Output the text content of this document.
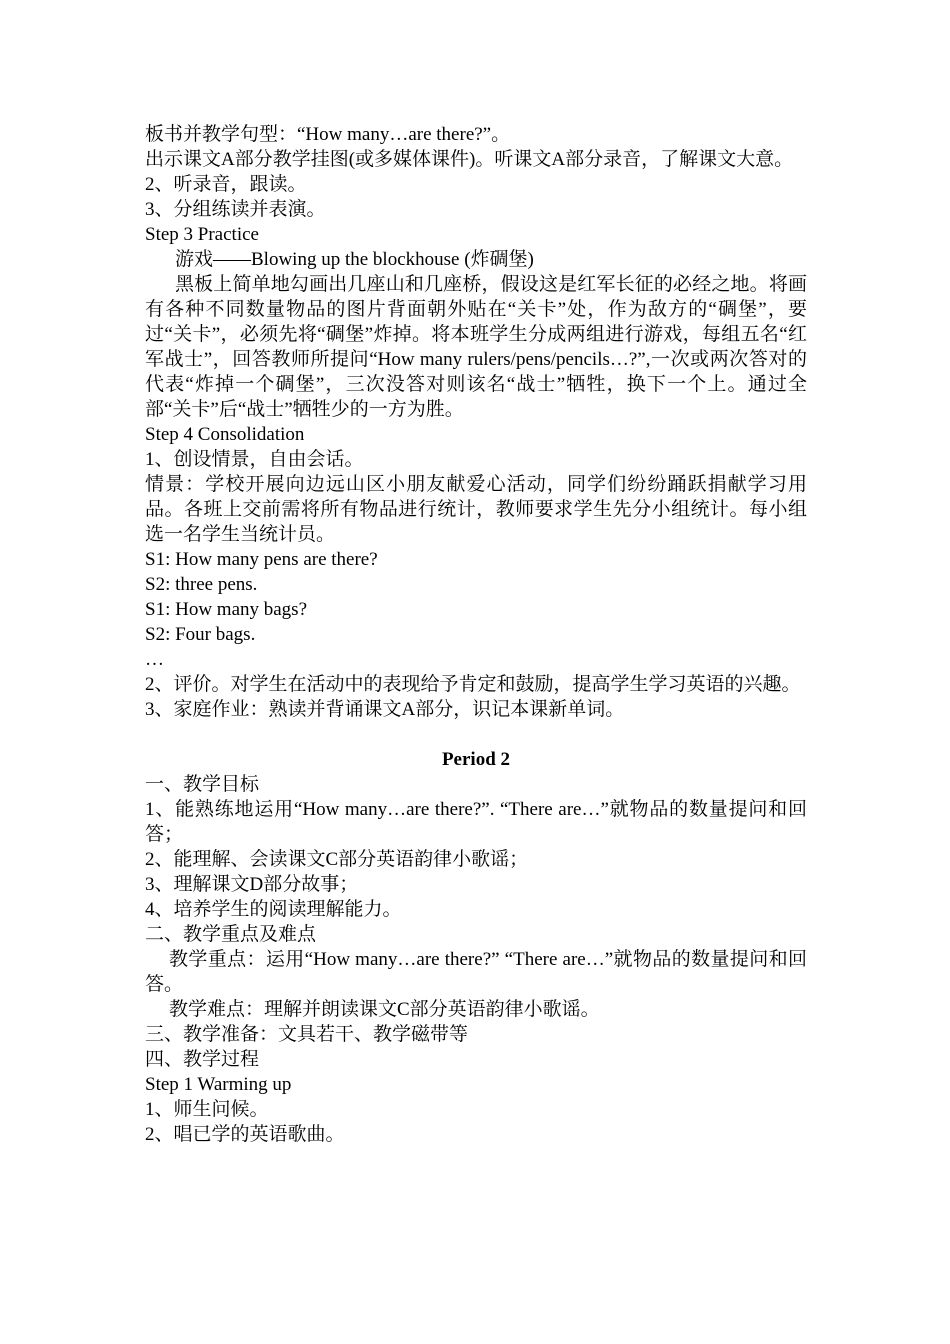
板书并教学句型：“How many…are there?”。

出示课文A部分教学挂图(或多媒体课件)。听课文A部分录音，了解课文大意。

2、听录音，跟读。

3、分组练读并表演。

Step 3 Practice

游戏——Blowing up the blockhouse (炸碉堡)

黑板上简单地勾画出几座山和几座桥，假设这是红军长征的必经之地。将画有各种不同数量物品的图片背面朝外贴在“关卡”处，作为敌方的“碉堡”，要过“关卡”，必须先将“碉堡”炸掉。将本班学生分成两组进行游戏，每组五名“红军战士”，回答教师所提问“How many rulers/pens/pencils…?”,一次或两次答对的代表“炸掉一个碉堡”，三次没答对则该名“战士”牺牲，换下一个上。通过全部“关卡”后“战士”牺牲少的一方为胜。

Step 4 Consolidation

1、创设情景，自由会话。

情景：学校开展向边远山区小朋友献爱心活动，同学们纷纷踊跃捐献学习用品。各班上交前需将所有物品进行统计，教师要求学生先分小组统计。每小组选一名学生当统计员。

S1: How many pens are there?

S2: three pens.

S1: How many bags?

S2: Four bags.

…

2、评价。对学生在活动中的表现给予肯定和鼓励，提高学生学习英语的兴趣。

3、家庭作业：熟读并背诵课文A部分，识记本课新单词。

Period 2

一、教学目标

1、能熟练地运用“How many…are there?”. “There are…”就物品的数量提问和回答；

2、能理解、会读课文C部分英语韵律小歌谣；

3、理解课文D部分故事；

4、培养学生的阅读理解能力。

二、教学重点及难点

教学重点：运用“How many…are there?” “There are…”就物品的数量提问和回答。

教学难点：理解并朗读课文C部分英语韵律小歌谣。

三、教学准备：文具若干、教学磁带等

四、教学过程

Step 1 Warming up

1、师生问候。

2、唱已学的英语歌曲。
